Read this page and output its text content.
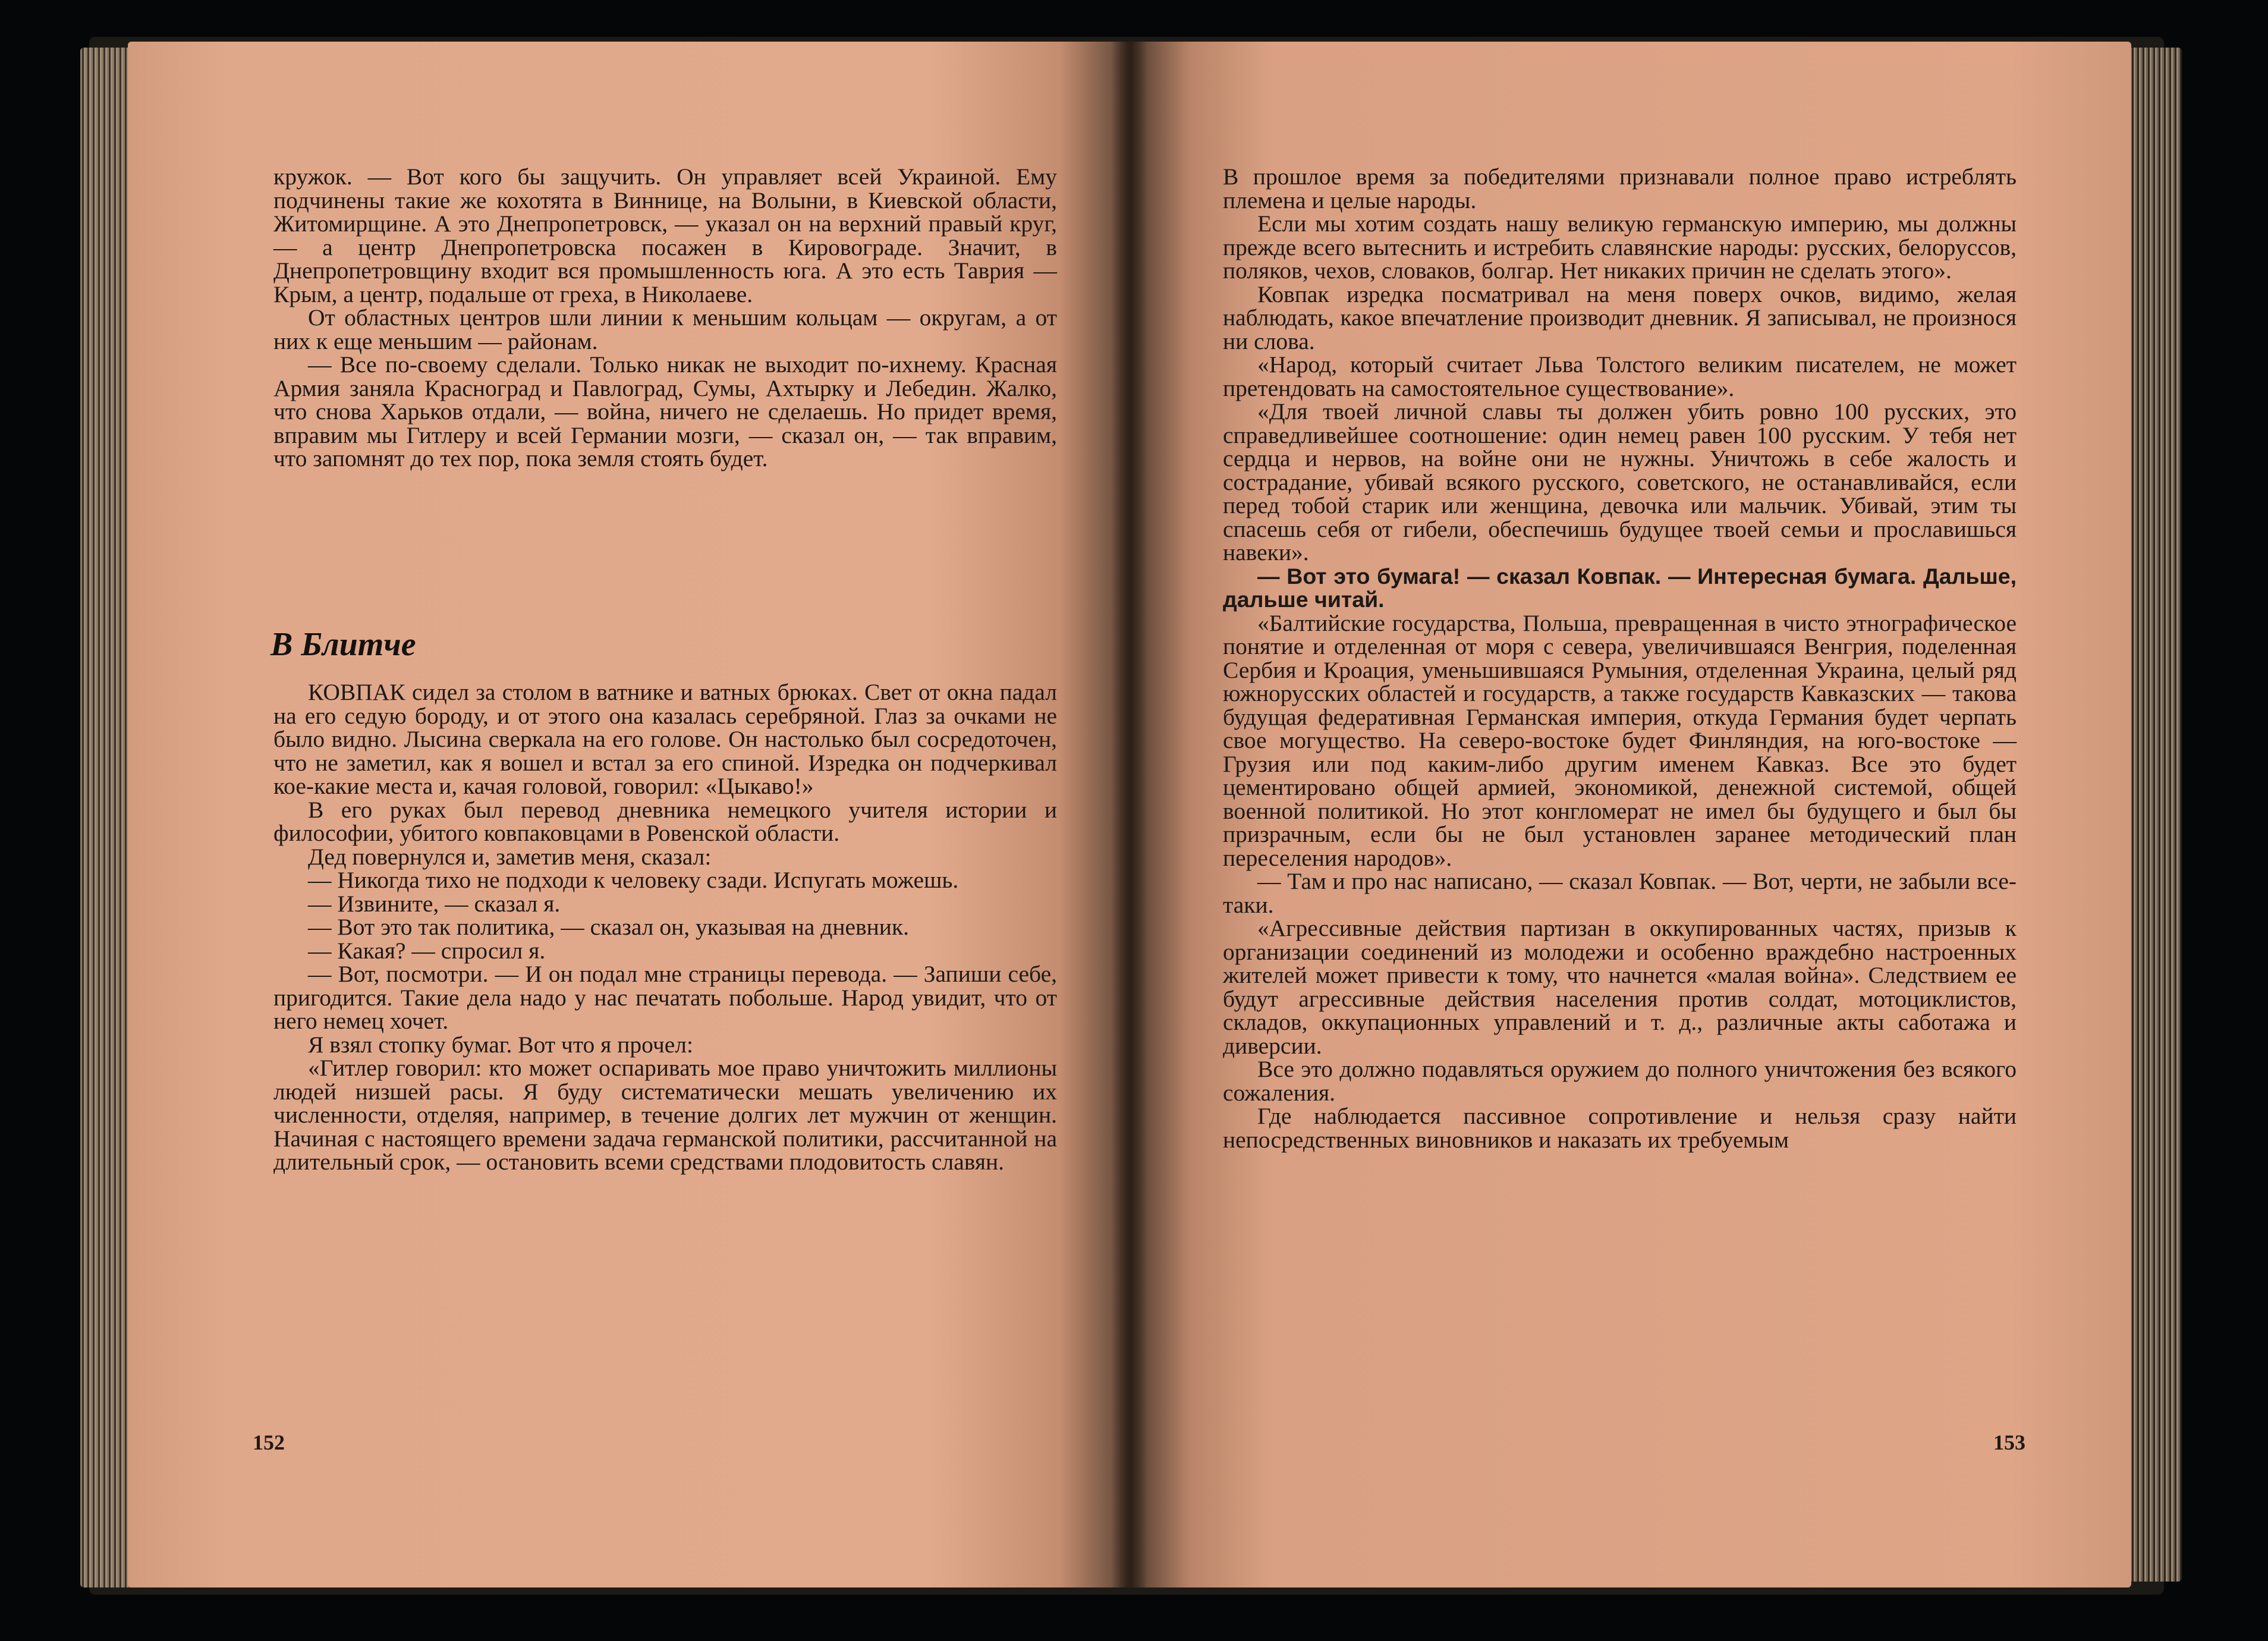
кружок. — Вот кого бы защучить. Он управляет всей Украиной. Ему подчинены такие же кохотята в Виннице, на Волыни, в Киевской области, Житомирщине. А это Днепропетровск, — указал он на верхний правый круг, — а центр Днепропетровска посажен в Кировограде. Значит, в Днепропетровщину входит вся промышленность юга. А это есть Таврия — Крым, а центр, подальше от греха, в Николаеве.

От областных центров шли линии к меньшим кольцам — округам, а от них к еще меньшим — районам.

— Все по-своему сделали. Только никак не выходит по-ихнему. Красная Армия заняла Красноград и Павлоград, Сумы, Ахтырку и Лебедин. Жалко, что снова Харьков отдали, — война, ничего не сделаешь. Но придет время, вправим мы Гитлеру и всей Германии мозги, — сказал он, — так вправим, что запомнят до тех пор, пока земля стоять будет.

В Блитче

КОВПАК сидел за столом в ватнике и ватных брюках. Свет от окна падал на его седую бороду, и от этого она казалась серебряной. Глаз за очками не было видно. Лысина сверкала на его голове. Он настолько был сосредоточен, что не заметил, как я вошел и встал за его спиной. Изредка он подчеркивал кое-какие места и, качая головой, говорил: «Цыкаво!»

В его руках был перевод дневника немецкого учителя истории и философии, убитого ковпаковцами в Ровенской области.

Дед повернулся и, заметив меня, сказал:

— Никогда тихо не подходи к человеку сзади. Испугать можешь.

— Извините, — сказал я.

— Вот это так политика, — сказал он, указывая на дневник.

— Какая? — спросил я.

— Вот, посмотри. — И он подал мне страницы перевода. — Запиши себе, пригодится. Такие дела надо у нас печатать побольше. Народ увидит, что от него немец хочет.

Я взял стопку бумаг. Вот что я прочел:

«Гитлер говорил: кто может оспаривать мое право уничтожить миллионы людей низшей расы. Я буду систематически мешать увеличению их численности, отделяя, например, в течение долгих лет мужчин от женщин. Начиная с настоящего времени задача германской политики, рассчитанной на длительный срок, — остановить всеми средствами плодовитость славян.

152

В прошлое время за победителями признавали полное право истреблять племена и целые народы.

Если мы хотим создать нашу великую германскую империю, мы должны прежде всего вытеснить и истребить славянские народы: русских, белоруссов, поляков, чехов, словаков, болгар. Нет никаких причин не сделать этого».

Ковпак изредка посматривал на меня поверх очков, видимо, желая наблюдать, какое впечатление производит дневник. Я записывал, не произнося ни слова.

«Народ, который считает Льва Толстого великим писателем, не может претендовать на самостоятельное существование».

«Для твоей личной славы ты должен убить ровно 100 русских, это справедливейшее соотношение: один немец равен 100 русским. У тебя нет сердца и нервов, на войне они не нужны. Уничтожь в себе жалость и сострадание, убивай всякого русского, советского, не останавливайся, если перед тобой старик или женщина, девочка или мальчик. Убивай, этим ты спасешь себя от гибели, обеспечишь будущее твоей семьи и прославишься навеки».

— Вот это бумага! — сказал Ковпак. — Интересная бумага. Дальше, дальше читай.

«Балтийские государства, Польша, превращенная в чисто этнографическое понятие и отделенная от моря с севера, увеличившаяся Венгрия, поделенная Сербия и Кроация, уменьшившаяся Румыния, отделенная Украина, целый ряд южнорусских областей и государств, а также государств Кавказских — такова будущая федеративная Германская империя, откуда Германия будет черпать свое могущество. На северо-востоке будет Финляндия, на юго-востоке — Грузия или под каким-либо другим именем Кавказ. Все это будет цементировано общей армией, экономикой, денежной системой, общей военной политикой. Но этот конгломерат не имел бы будущего и был бы призрачным, если бы не был установлен заранее методический план переселения народов».

— Там и про нас написано, — сказал Ковпак. — Вот, черти, не забыли все-таки.

«Агрессивные действия партизан в оккупированных частях, призыв к организации соединений из молодежи и особенно враждебно настроенных жителей может привести к тому, что начнется «малая война». Следствием ее будут агрессивные действия населения против солдат, мотоциклистов, складов, оккупационных управлений и т. д., различные акты саботажа и диверсии.

Все это должно подавляться оружием до полного уничтожения без всякого сожаления.

Где наблюдается пассивное сопротивление и нельзя сразу найти непосредственных виновников и наказать их требуемым

153
